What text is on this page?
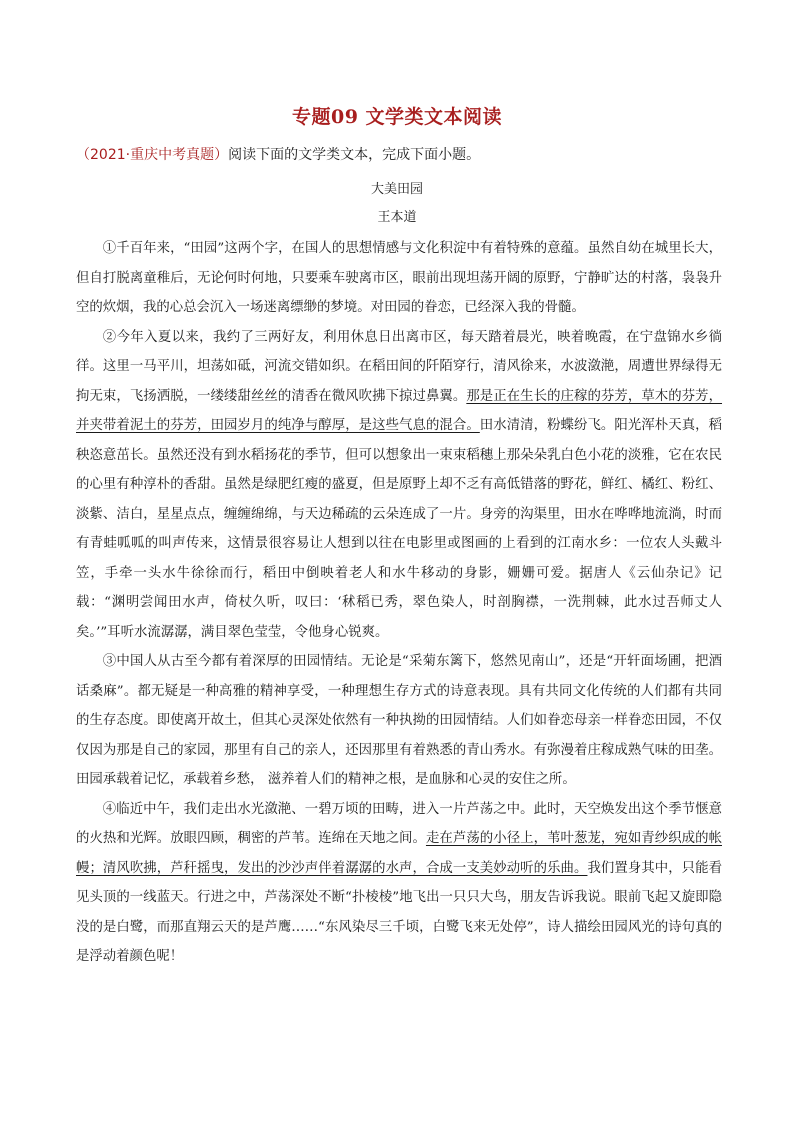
专题09 文学类文本阅读
（2021·重庆中考真题）阅读下面的文学类文本，完成下面小题。
大美田园
王本道

①千百年来，“田园”这两个字，在国人的思想情感与文化积淀中有着特殊的意蕴。虽然自幼在城里长大，但自打脱离童稚后，无论何时何地，只要乘车驶离市区，眼前出现坦荡开阔的原野，宁静旷达的村落，袅袅升空的炊烟，我的心总会沉入一场迷离缥缈的梦境。对田园的眷恋，已经深入我的骨髓。

②今年入夏以来，我约了三两好友，利用休息日出离市区，每天踏着晨光，映着晚霞，在宁盘锦水乡徜徉。这里一马平川，坦荡如砥，河流交错如织。在稻田间的阡陌穿行，清风徐来，水波潋滟，周遭世界绿得无拘无束，飞扬洒脱，一缕缕甜丝丝的清香在微风吹拂下掠过鼻翼。那是正在生长的庄稼的芬芳，草木的芬芳，并夹带着泥土的芬芳，田园岁月的纯净与醇厚，是这些气息的混合。田水清清，粉蝶纷飞。阳光浑朴天真，稻秧恣意茁长。虽然还没有到水稻扬花的季节，但可以想象出一束束稻穗上那朵朵乳白色小花的淡雅，它在农民的心里有种淳朴的香甜。虽然是绿肥红瘦的盛夏，但是原野上却不乏有高低错落的野花，鲜红、橘红、粉红、淡紫、洁白，星星点点，缠缠绵绵，与天边稀疏的云朵连成了一片。身旁的沟渠里，田水在哗哗地流淌，时而有青蛙呱呱的叫声传来，这情景很容易让人想到以往在电影里或图画的上看到的江南水乡：一位农人头戴斗笠，手牵一头水牛徐徐而行，稻田中倒映着老人和水牛移动的身影，姗姗可爱。据唐人《云仙杂记》记载：“渊明尝闻田水声，倚杖久听，叹曰：‘秫稻已秀，翠色染人，时剖胸襟，一洗荆棘，此水过吾师丈人矣。’”耳听水流潺潺，满目翠色莹莹，令他身心锐爽。

③中国人从古至今都有着深厚的田园情结。无论是“采菊东篱下，悠然见南山”，还是“开轩面场圃，把酒话桑麻”。都无疑是一种高雅的精神享受，一种理想生存方式的诗意表现。具有共同文化传统的人们都有共同的生存态度。即使离开故土，但其心灵深处依然有一种执拗的田园情结。人们如眷恋母亲一样眷恋田园，不仅仅因为那是自己的家园，那里有自己的亲人，还因那里有着熟悉的青山秀水。有弥漫着庄稼成熟气味的田垄。田园承载着记忆，承载着乡愁， 滋养着人们的精神之根，是血脉和心灵的安住之所。

④临近中午，我们走出水光潋滟、一碧万顷的田畴，进入一片芦荡之中。此时，天空焕发出这个季节惬意的火热和光辉。放眼四顾，稠密的芦苇。连绵在天地之间。走在芦荡的小径上，苇叶葱茏，宛如青纱织成的帐幔；清风吹拂，芦秆摇曳，发出的沙沙声伴着潺潺的水声，合成一支美妙动听的乐曲。我们置身其中，只能看见头顶的一线蓝天。行进之中，芦荡深处不断“扑棱棱”地飞出一只只大鸟，朋友告诉我说。眼前飞起又旋即隐没的是白鹭，而那直翔云天的是芦鹰……“东风染尽三千顷，白鹭飞来无处停”，诗人描绘田园风光的诗句真的是浮动着颜色呢！
